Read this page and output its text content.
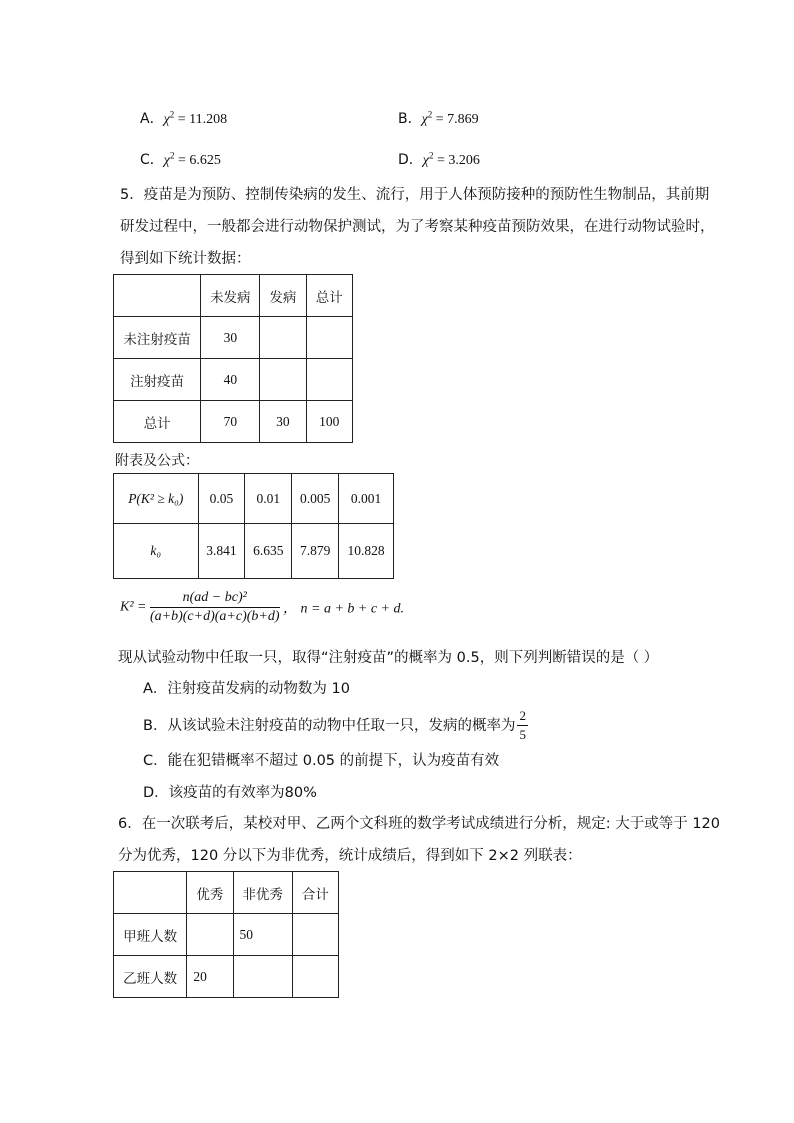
A．$\chi^2 = 11.208$	B．$\chi^2 = 7.869$
C．$\chi^2 = 6.625$	D．$\chi^2 = 3.206$
5．疫苗是为预防、控制传染病的发生、流行，用于人体预防接种的预防性生物制品，其前期
研发过程中，一般都会进行动物保护测试，为了考察某种疫苗预防效果，在进行动物试验时，
得到如下统计数据：
	未发病	发病	总计
未注射疫苗	30		
注射疫苗	40		
总计	70	30	100
附表及公式：
P(K² ≥ k₀)	0.05	0.01	0.005	0.001
k₀	3.841	6.635	7.879	10.828
$K^2 = \frac{\text{n(ad − bc)²}}{(a+b)(c+d)(a+c)(b+d)}$ ， n = a + b + c + d.
现从试验动物中任取一只，取得“注射疫苗”的概率为 0.5，则下列判断错误的是（ ）
A．注射疫苗发病的动物数为 10
B．从该试验未注射疫苗的动物中任取一只，发病的概率为 $\frac{2}{5}$
C．能在犯错概率不超过 0.05 的前提下，认为疫苗有效
D．该疫苗的有效率为80%
6．在一次联考后，某校对甲、乙两个文科班的数学考试成绩进行分析，规定: 大于或等于 120
分为优秀，120 分以下为非优秀，统计成绩后，得到如下 2×2 列联表：
	优秀	非优秀	合计
甲班人数		50	
乙班人数	20		
